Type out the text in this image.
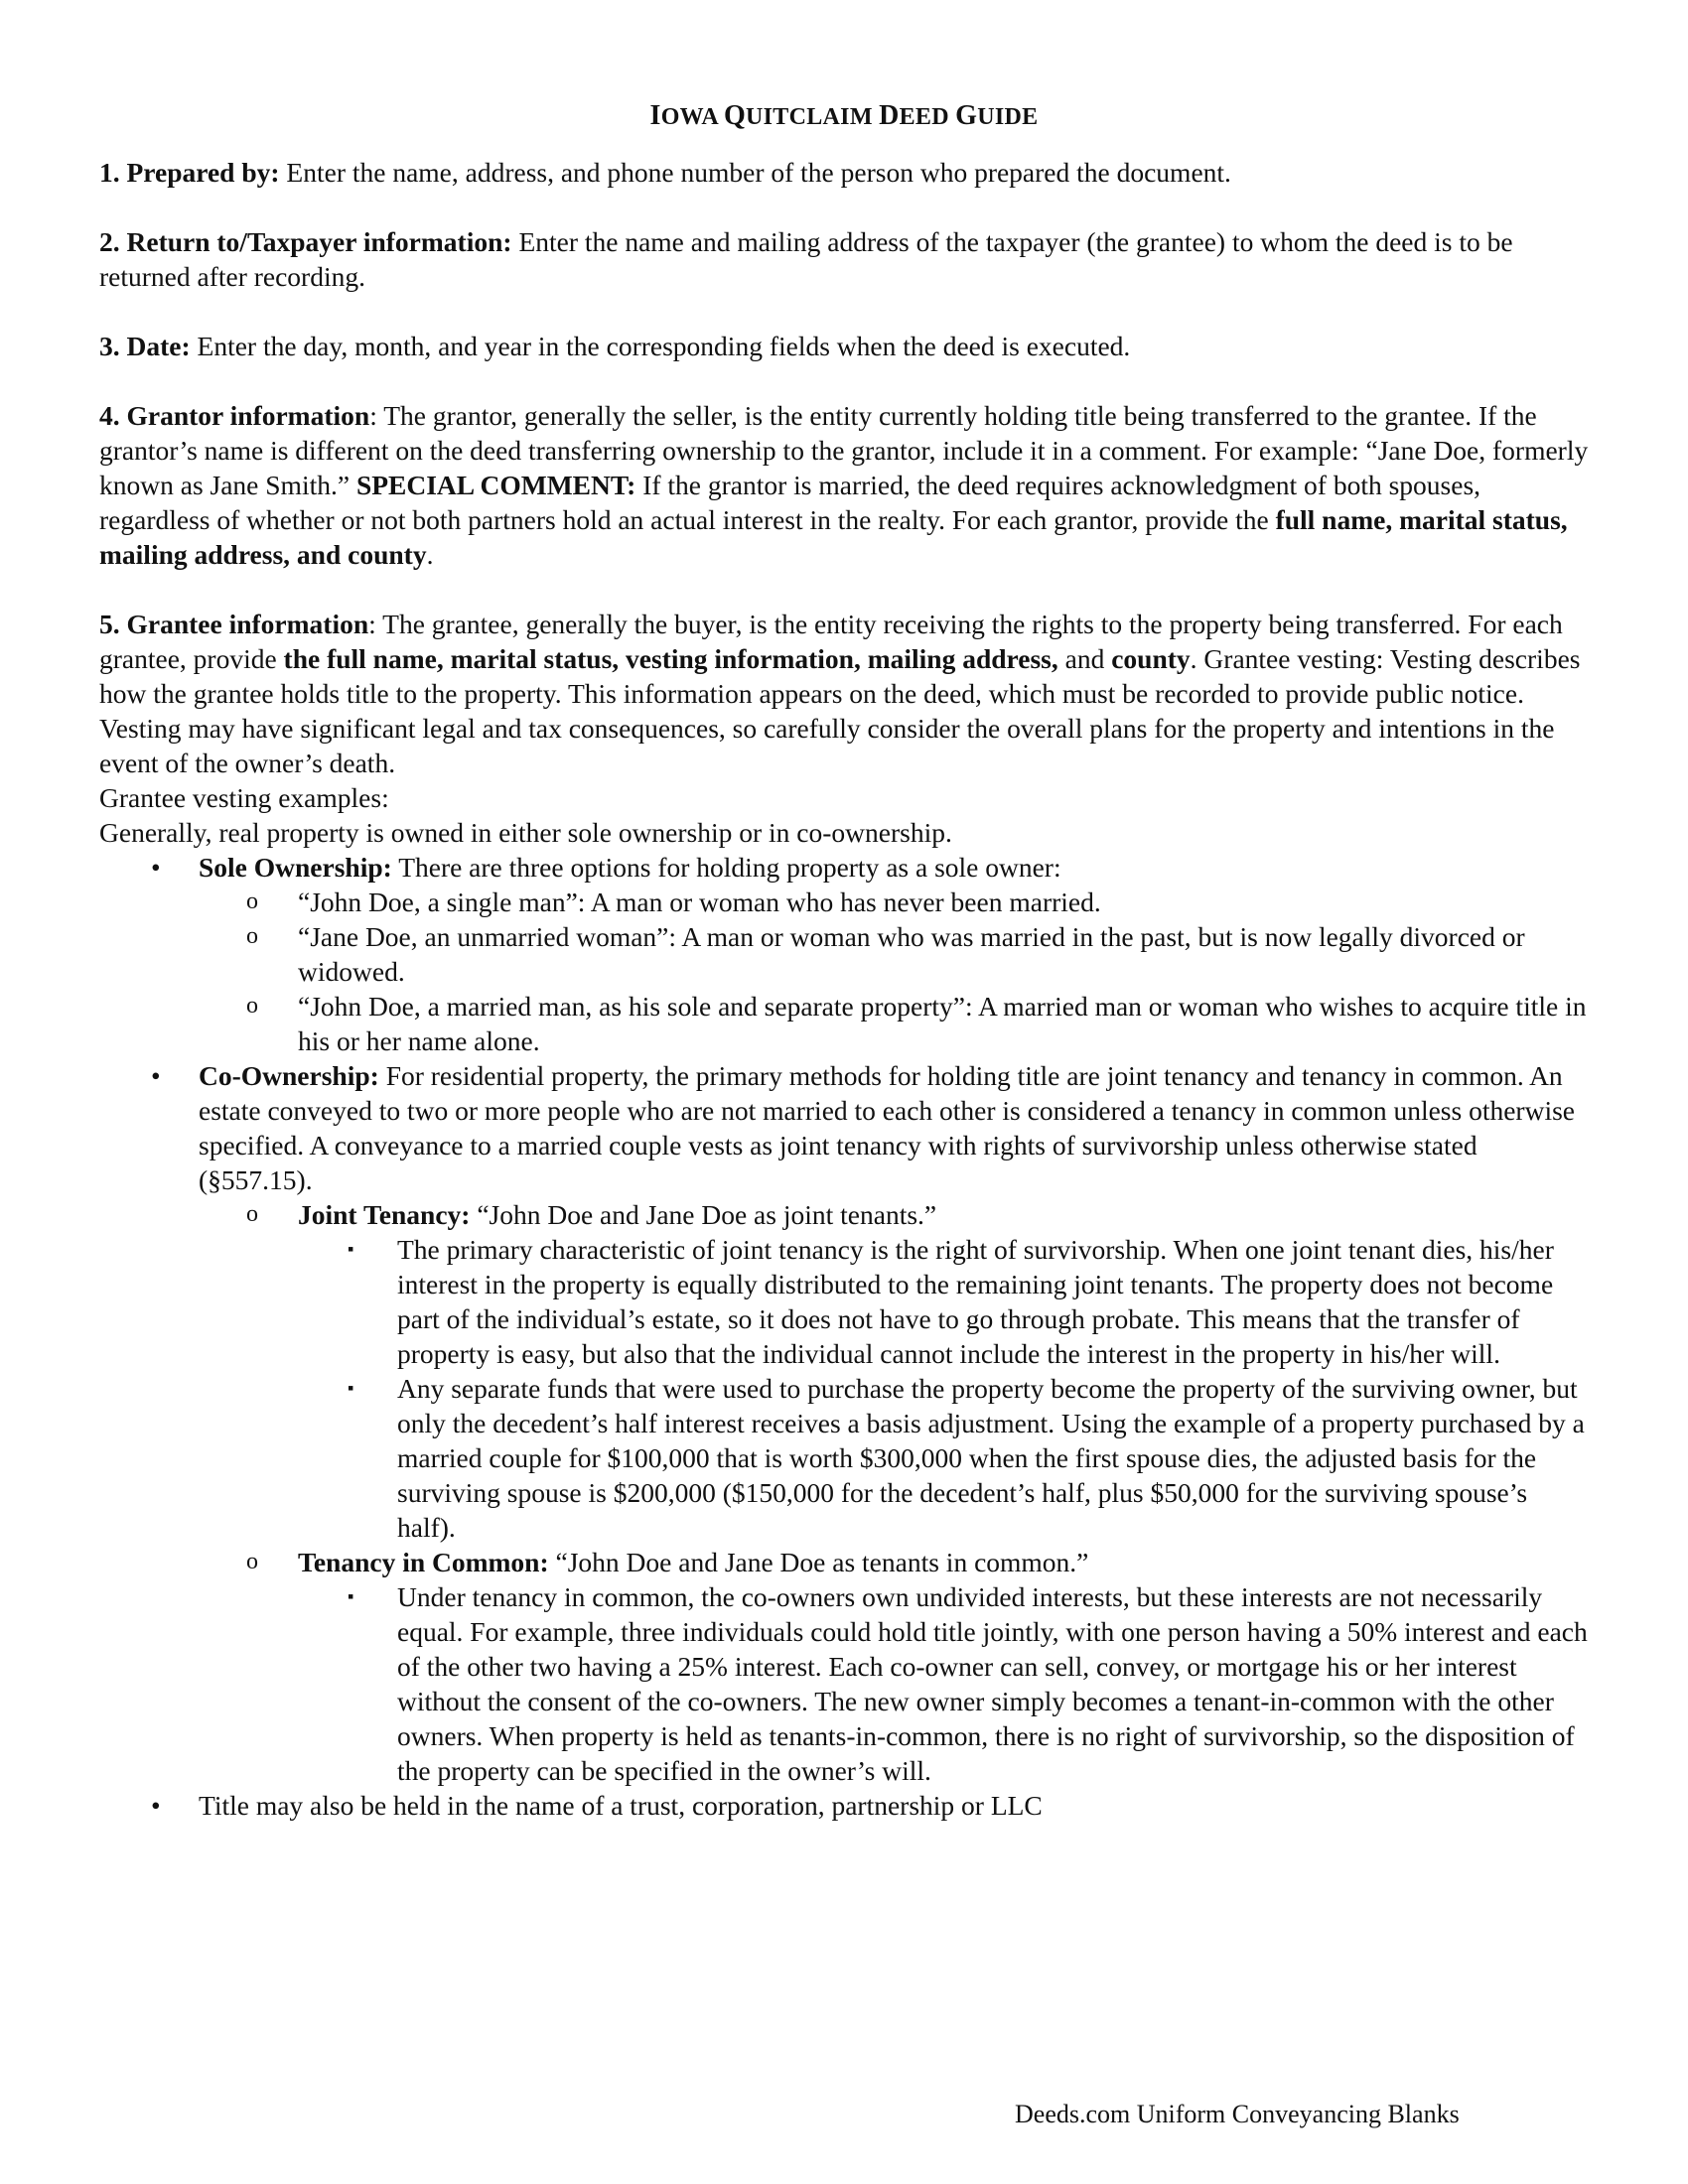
IOWA QUITCLAIM DEED GUIDE

1. Prepared by: Enter the name, address, and phone number of the person who prepared the document.

2. Return to/Taxpayer information: Enter the name and mailing address of the taxpayer (the grantee) to whom the deed is to be returned after recording.

3. Date: Enter the day, month, and year in the corresponding fields when the deed is executed.

4. Grantor information: The grantor, generally the seller, is the entity currently holding title being transferred to the grantee. If the grantor’s name is different on the deed transferring ownership to the grantor, include it in a comment. For example: “Jane Doe, formerly known as Jane Smith.” SPECIAL COMMENT: If the grantor is married, the deed requires acknowledgment of both spouses, regardless of whether or not both partners hold an actual interest in the realty. For each grantor, provide the full name, marital status, mailing address, and county.

5. Grantee information: The grantee, generally the buyer, is the entity receiving the rights to the property being transferred. For each grantee, provide the full name, marital status, vesting information, mailing address, and county. Grantee vesting: Vesting describes how the grantee holds title to the property. This information appears on the deed, which must be recorded to provide public notice. Vesting may have significant legal and tax consequences, so carefully consider the overall plans for the property and intentions in the event of the owner’s death.

Grantee vesting examples:

Generally, real property is owned in either sole ownership or in co-ownership.

• Sole Ownership: There are three options for holding property as a sole owner:
o “John Doe, a single man”: A man or woman who has never been married.
o “Jane Doe, an unmarried woman”: A man or woman who was married in the past, but is now legally divorced or widowed.
o “John Doe, a married man, as his sole and separate property”: A married man or woman who wishes to acquire title in his or her name alone.
• Co-Ownership: For residential property, the primary methods for holding title are joint tenancy and tenancy in common. An estate conveyed to two or more people who are not married to each other is considered a tenancy in common unless otherwise specified. A conveyance to a married couple vests as joint tenancy with rights of survivorship unless otherwise stated (§557.15).
o Joint Tenancy: “John Doe and Jane Doe as joint tenants.”
▪ The primary characteristic of joint tenancy is the right of survivorship. When one joint tenant dies, his/her interest in the property is equally distributed to the remaining joint tenants. The property does not become part of the individual’s estate, so it does not have to go through probate. This means that the transfer of property is easy, but also that the individual cannot include the interest in the property in his/her will.
▪ Any separate funds that were used to purchase the property become the property of the surviving owner, but only the decedent’s half interest receives a basis adjustment. Using the example of a property purchased by a married couple for $100,000 that is worth $300,000 when the first spouse dies, the adjusted basis for the surviving spouse is $200,000 ($150,000 for the decedent’s half, plus $50,000 for the surviving spouse’s half).
o Tenancy in Common: “John Doe and Jane Doe as tenants in common.”
▪ Under tenancy in common, the co-owners own undivided interests, but these interests are not necessarily equal. For example, three individuals could hold title jointly, with one person having a 50% interest and each of the other two having a 25% interest. Each co-owner can sell, convey, or mortgage his or her interest without the consent of the co-owners. The new owner simply becomes a tenant-in-common with the other owners. When property is held as tenants-in-common, there is no right of survivorship, so the disposition of the property can be specified in the owner’s will.
• Title may also be held in the name of a trust, corporation, partnership or LLC
Deeds.com Uniform Conveyancing Blanks
